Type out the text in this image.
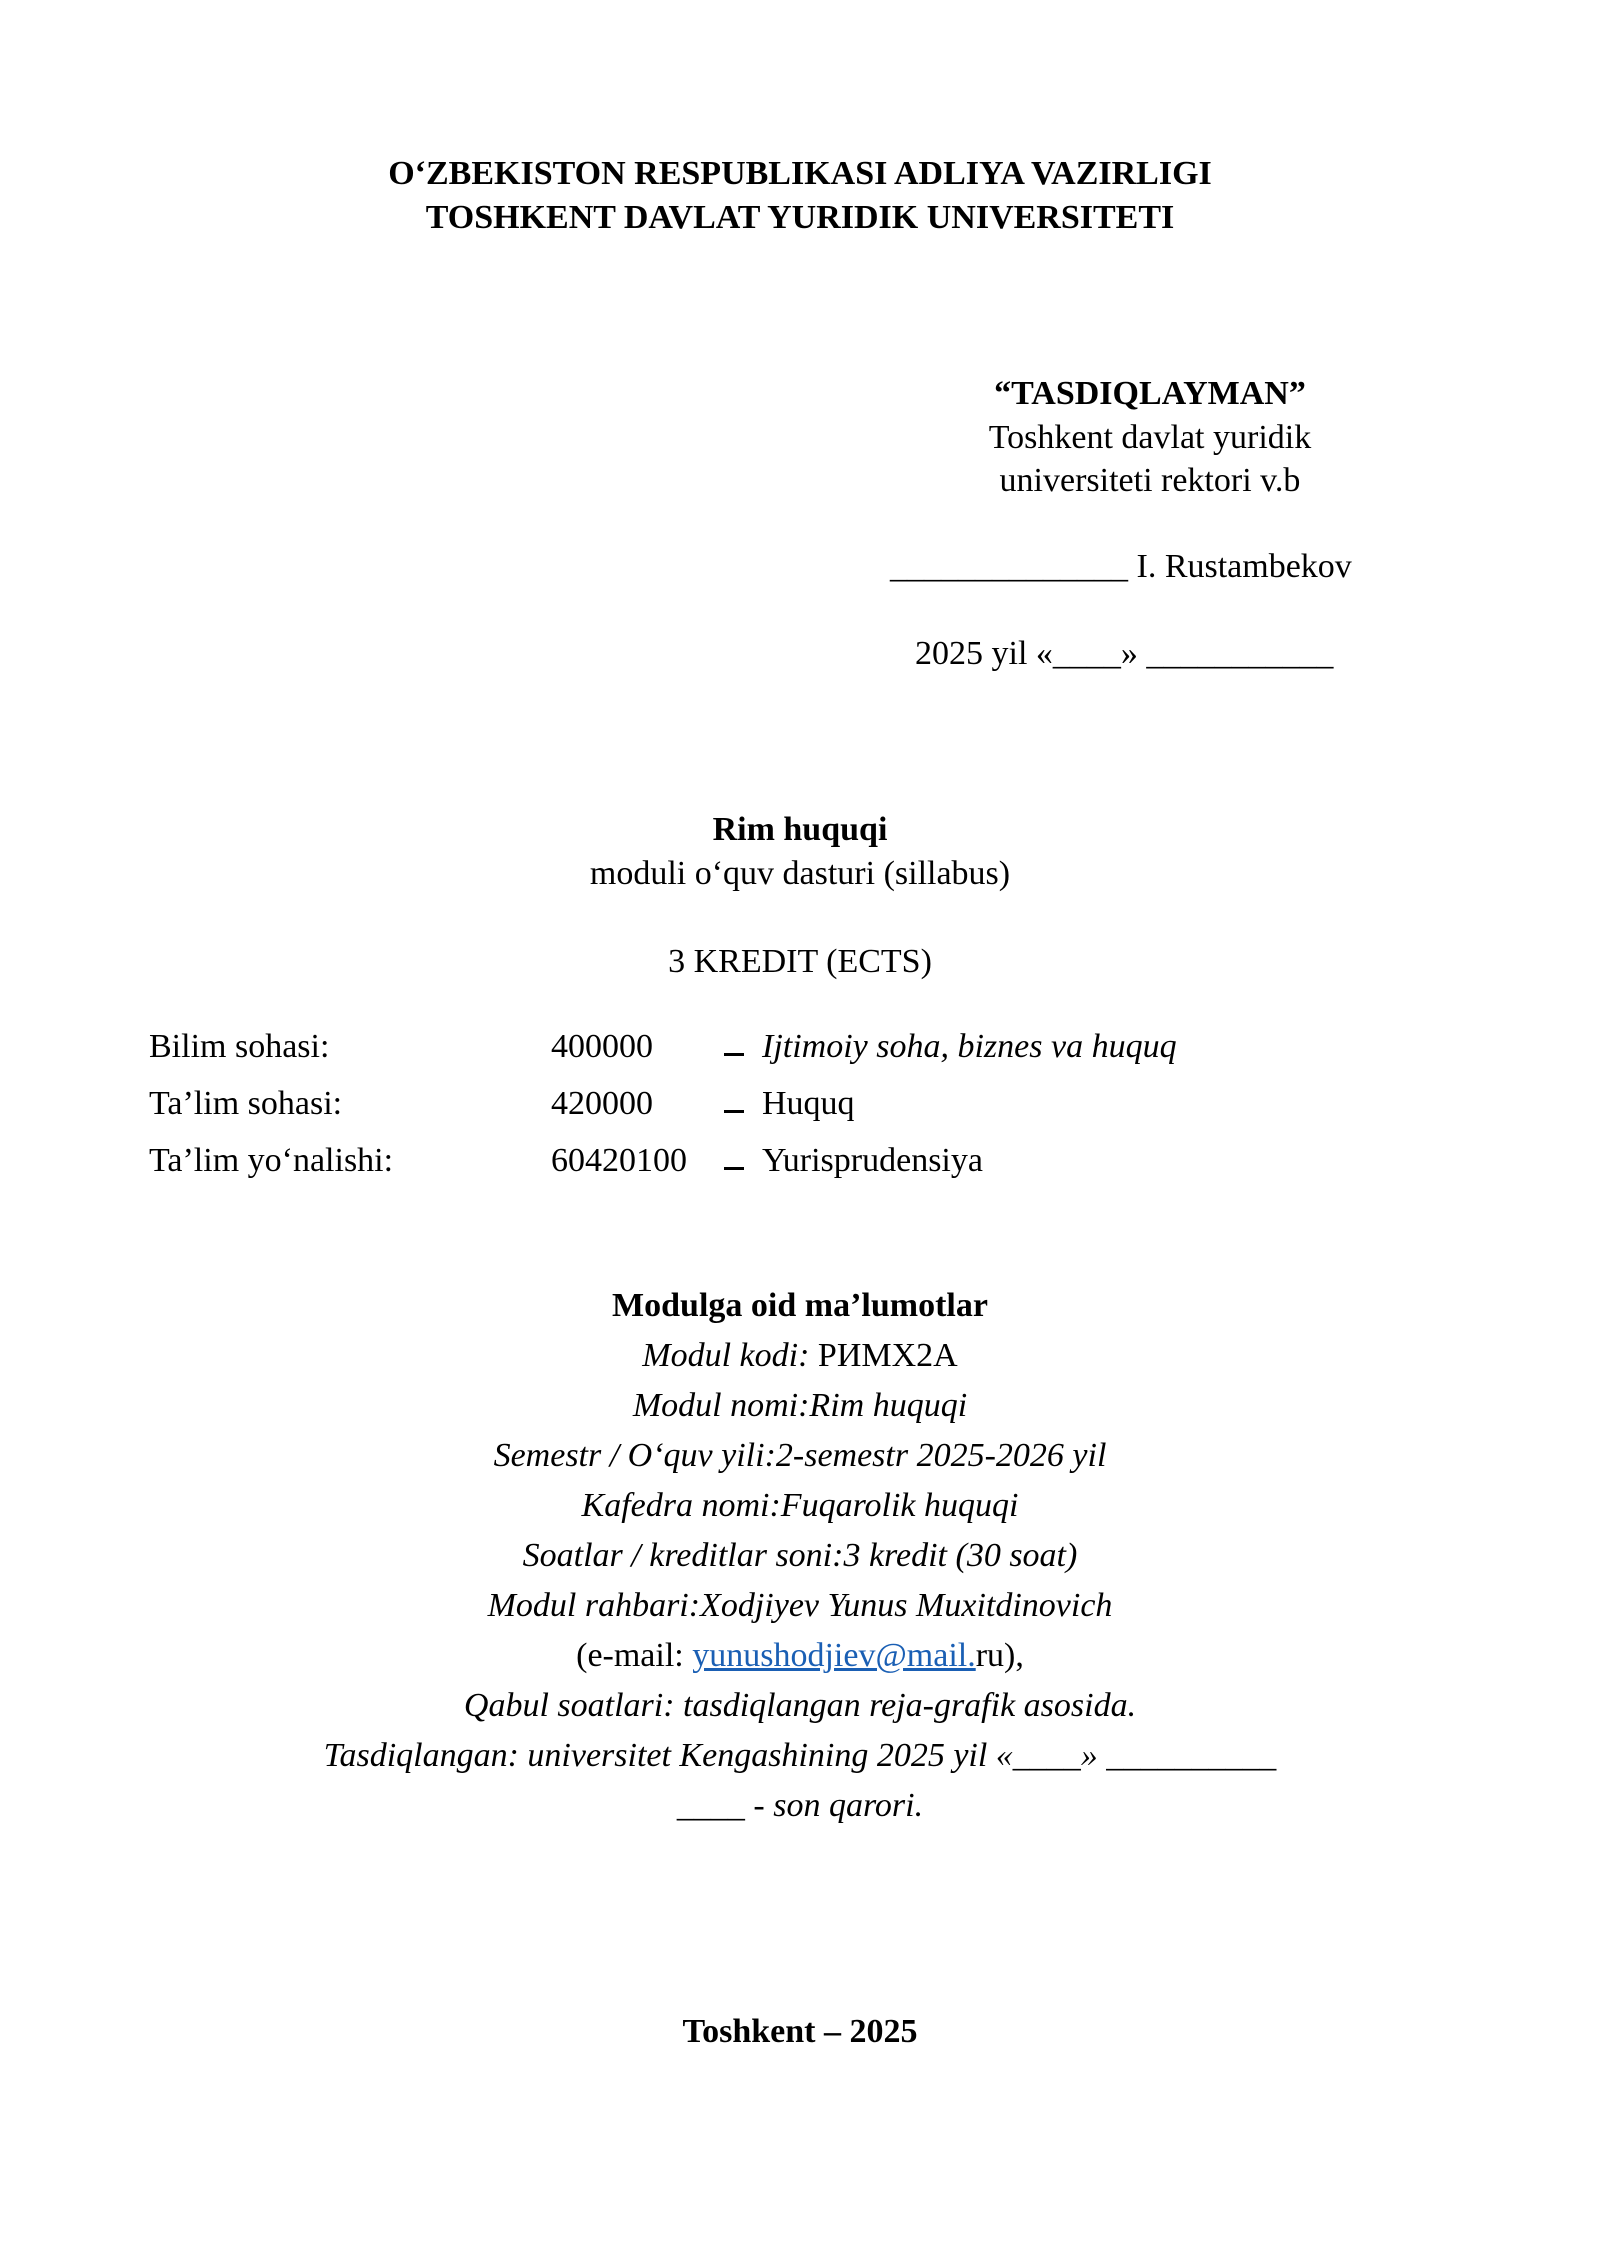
O‘ZBEKISTON RESPUBLIKASI ADLIYA VAZIRLIGI
TOSHKENT DAVLAT YURIDIK UNIVERSITETI
“TASDIQLAYMAN”
Toshkent davlat yuridik
universiteti rektori v.b
______________ I. Rustambekov
2025 yil «____» ___________
Rim huquqi
moduli o‘quv dasturi (sillabus)
3 KREDIT (ECTS)
Bilim sohasi:	400000	Ijtimoiy soha, biznes va huquq
Ta’lim sohasi:	420000	Huquq
Ta’lim yo‘nalishi:	60420100 Yurisprudensiya
Modulga oid ma’lumotlar
Modul kodi: РИМХ2А
Modul nomi:Rim huquqi
Semestr / O‘quv yili:2-semestr 2025-2026 yil
Kafedra nomi:Fuqarolik huquqi
Soatlar / kreditlar soni:3 kredit (30 soat)
Modul rahbari:Xodjiyev Yunus Muxitdinovich
(e-mail: yunushodjiev@mail.ru),
Qabul soatlari: tasdiqlangan reja-grafik asosida.
Tasdiqlangan: universitet Kengashining 2025 yil «____» __________
____ - son qarori.
Toshkent – 2025
